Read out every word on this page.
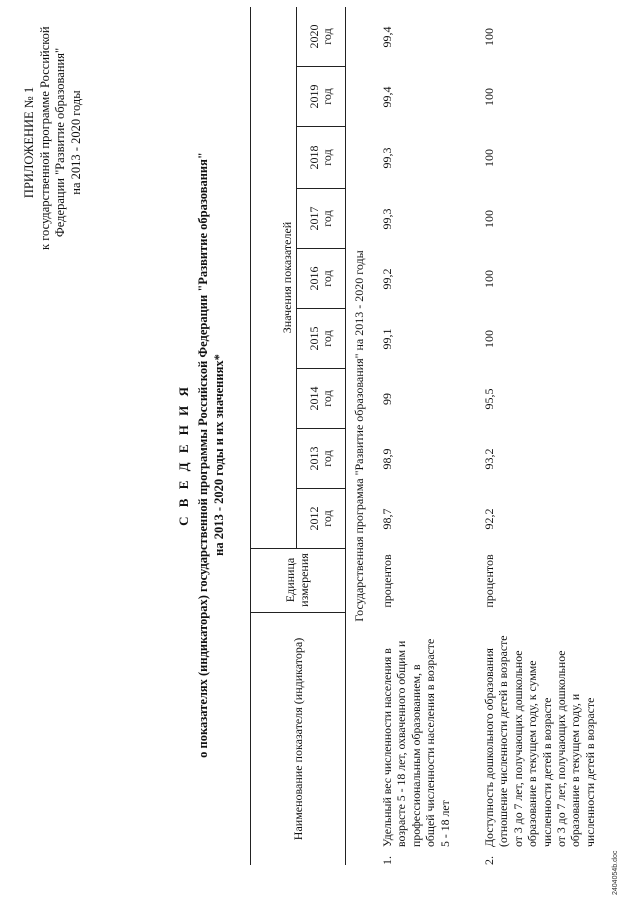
ПРИЛОЖЕНИЕ № 1 к государственной программе Российской Федерации "Развитие образования" на 2013 - 2020 годы
С В Е Д Е Н И Я о показателях (индикаторах) государственной программы Российской Федерации "Развитие образования" на 2013 - 2020 годы и их значениях*
Наименование показателя (индикатора)
Единица измерения
Значения показателей
2012 год
2013 год
2014 год
2015 год
2016 год
2017 год
2018 год
2019 год
2020 год
Государственная программа "Развитие образования" на 2013 - 2020 годы
1.
Удельный вес численности населения в возрасте 5 - 18 лет, охваченного общим и профессиональным образованием, в общей численности населения в возрасте 5 - 18 лет
процентов
98,7
98,9
99
99,1
99,2
99,3
99,3
99,4
99,4
2.
Доступность дошкольного образования (отношение численности детей в возрасте от 3 до 7 лет, получающих дошкольное образование в текущем году, к сумме численности детей в возрасте от 3 до 7 лет, получающих дошкольное образование в текущем году, и численности детей в возрасте
процентов
92,2
93,2
95,5
100
100
100
100
100
100
2404054b.doc
